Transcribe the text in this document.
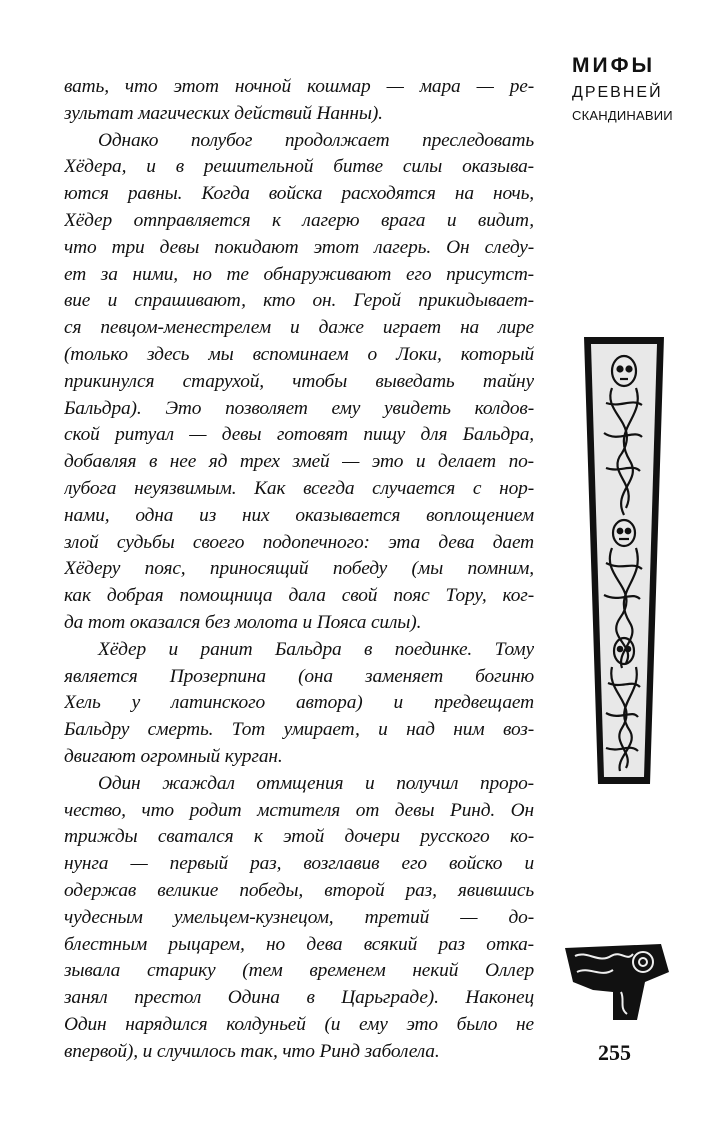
МИФЫ
ДРЕВНЕЙ
СКАНДИНАВИИ
вать, что этот ночной кошмар — мара — ре-
зультат магических действий Нанны).
Однако полубог продолжает преследовать
Хёдера, и в решительной битве силы оказыва-
ются равны. Когда войска расходятся на ночь,
Хёдер отправляется к лагерю врага и видит,
что три девы покидают этот лагерь. Он следу-
ет за ними, но те обнаруживают его присутст-
вие и спрашивают, кто он. Герой прикидывает-
ся певцом-менестрелем и даже играет на лире
(только здесь мы вспоминаем о Локи, который
прикинулся старухой, чтобы выведать тайну
Бальдра). Это позволяет ему увидеть колдов-
ской ритуал — девы готовят пищу для Бальдра,
добавляя в нее яд трех змей — это и делает по-
лубога неуязвимым. Как всегда случается с нор-
нами, одна из них оказывается воплощением
злой судьбы своего подопечного: эта дева дает
Хёдеру пояс, приносящий победу (мы помним,
как добрая помощница дала свой пояс Тору, ког-
да тот оказался без молота и Пояса силы).
Хёдер и ранит Бальдра в поединке. Тому
является Прозерпина (она заменяет богиню
Хель у латинского автора) и предвещает
Бальдру смерть. Тот умирает, и над ним воз-
двигают огромный курган.
Один жаждал отмщения и получил проро-
чество, что родит мстителя от девы Ринд. Он
трижды сватался к этой дочери русского ко-
нунга — первый раз, возглавив его войско и
одержав великие победы, второй раз, явившись
чудесным умельцем-кузнецом, третий — до-
блестным рыцарем, но дева всякий раз отка-
зывала старику (тем временем некий Оллер
занял престол Одина в Царьграде). Наконец
Один нарядился колдуньей (и ему это было не
впервой), и случилось так, что Ринд заболела.	255
